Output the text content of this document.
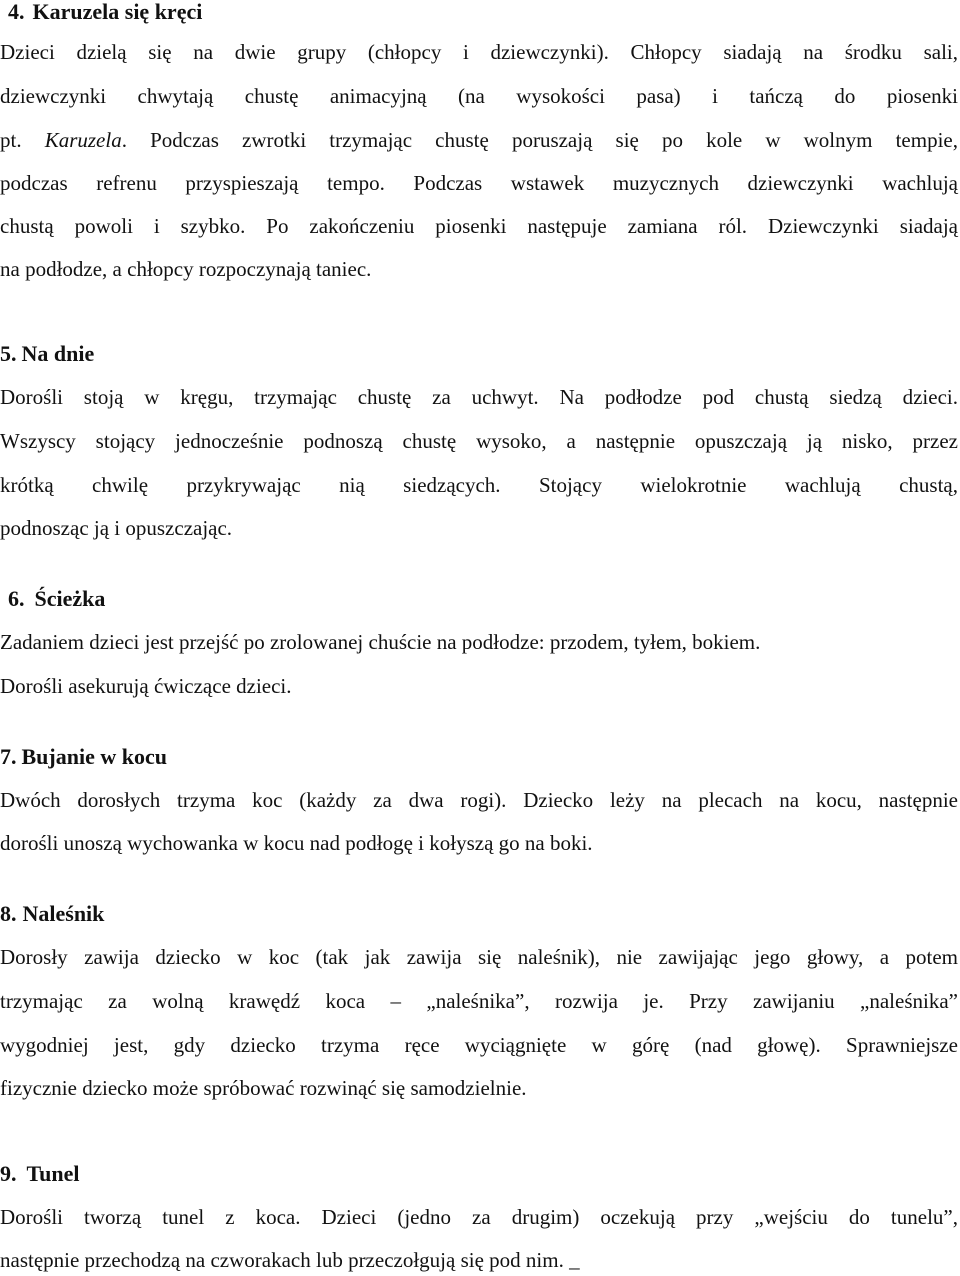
4. Karuzela się kręci
Dzieci dzielą się na dwie grupy (chłopcy i dziewczynki). Chłopcy siadają na środku sali,
dziewczynki chwytają chustę animacyjną (na wysokości pasa) i tańczą do piosenki
pt. Karuzela. Podczas zwrotki trzymając chustę poruszają się po kole w wolnym tempie,
podczas refrenu przyspieszają tempo. Podczas wstawek muzycznych dziewczynki wachlują
chustą powoli i szybko. Po zakończeniu piosenki następuje zamiana ról. Dziewczynki siadają
na podłodze, a chłopcy rozpoczynają taniec.
5. Na dnie
Dorośli stoją w kręgu, trzymając chustę za uchwyt. Na podłodze pod chustą siedzą dzieci.
Wszyscy stojący jednocześnie podnoszą chustę wysoko, a następnie opuszczają ją nisko, przez
krótką chwilę przykrywając nią siedzących. Stojący wielokrotnie wachlują chustą,
podnosząc ją i opuszczając.
6. Ścieżka
Zadaniem dzieci jest przejść po zrolowanej chuście na podłodze: przodem, tyłem, bokiem.
Dorośli asekurują ćwiczące dzieci.
7. Bujanie w kocu
Dwóch dorosłych trzyma koc (każdy za dwa rogi). Dziecko leży na plecach na kocu, następnie
dorośli unoszą wychowanka w kocu nad podłogę i kołyszą go na boki.
8. Naleśnik
Dorosły zawija dziecko w koc (tak jak zawija się naleśnik), nie zawijając jego głowy, a potem
trzymając za wolną krawędź koca – „naleśnika”, rozwija je. Przy zawijaniu „naleśnika”
wygodniej jest, gdy dziecko trzyma ręce wyciągnięte w górę (nad głowę). Sprawniejsze
fizycznie dziecko może spróbować rozwinąć się samodzielnie.
9. Tunel
Dorośli tworzą tunel z koca. Dzieci (jedno za drugim) oczekują przy „wejściu do tunelu”,
następnie przechodzą na czworakach lub przeczołgują się pod nim. _
